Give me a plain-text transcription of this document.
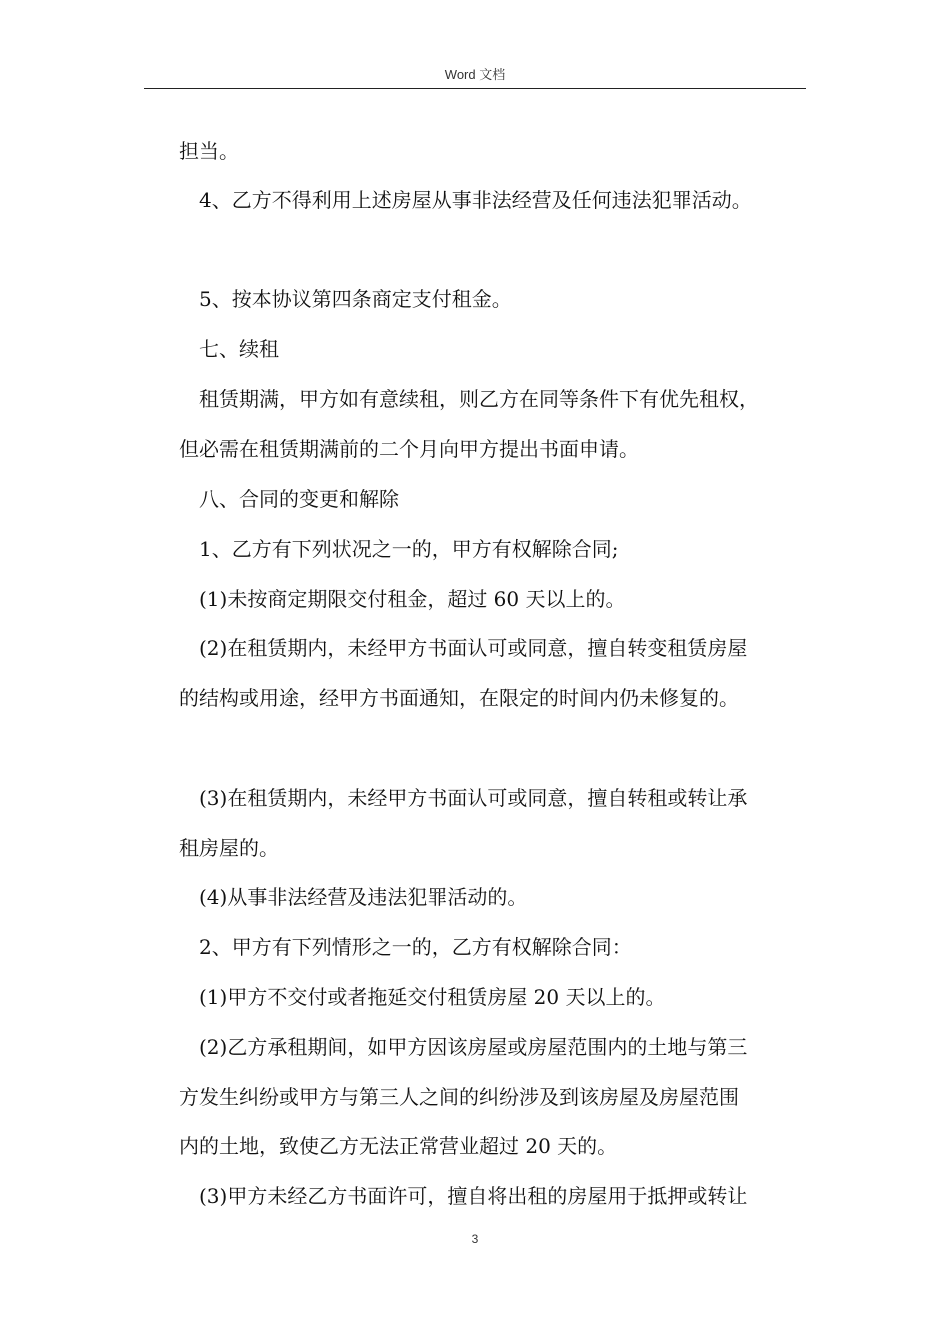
Word 文档
担当。
4、乙方不得利用上述房屋从事非法经营及任何违法犯罪活动。
5、按本协议第四条商定支付租金。
七、续租
租赁期满，甲方如有意续租，则乙方在同等条件下有优先租权，
但必需在租赁期满前的二个月向甲方提出书面申请。
八、合同的变更和解除
1、乙方有下列状况之一的，甲方有权解除合同;
(1)未按商定期限交付租金，超过 60 天以上的。
(2)在租赁期内，未经甲方书面认可或同意，擅自转变租赁房屋
的结构或用途，经甲方书面通知，在限定的时间内仍未修复的。
(3)在租赁期内，未经甲方书面认可或同意，擅自转租或转让承
租房屋的。
(4)从事非法经营及违法犯罪活动的。
2、甲方有下列情形之一的，乙方有权解除合同：
(1)甲方不交付或者拖延交付租赁房屋 20 天以上的。
(2)乙方承租期间，如甲方因该房屋或房屋范围内的土地与第三
方发生纠纷或甲方与第三人之间的纠纷涉及到该房屋及房屋范围
内的土地，致使乙方无法正常营业超过 20 天的。
(3)甲方未经乙方书面许可，擅自将出租的房屋用于抵押或转让
3
